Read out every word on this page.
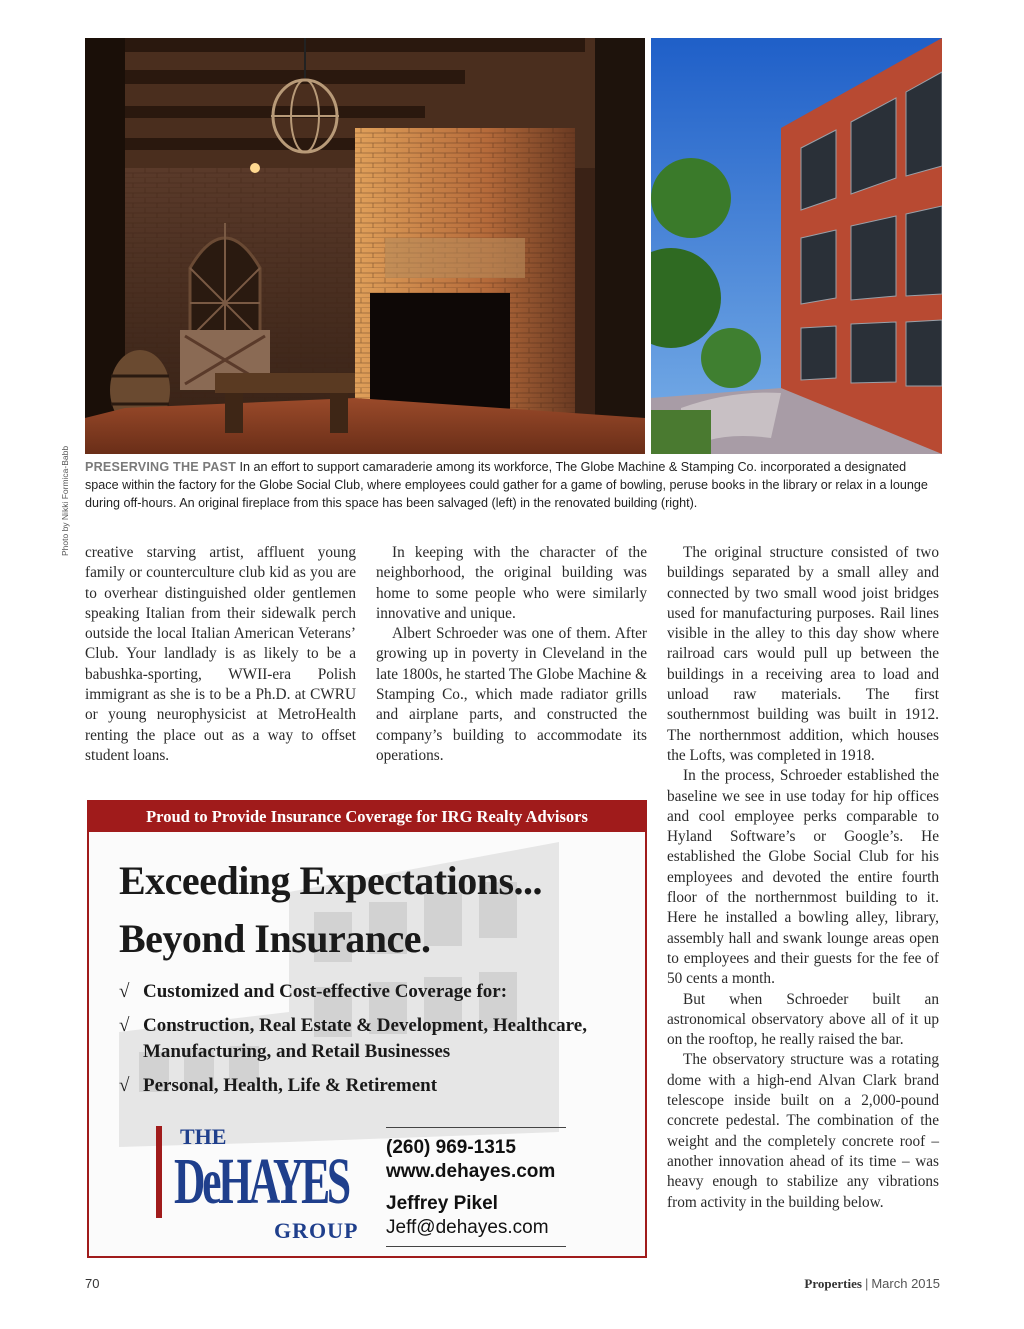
Photo by Nikki Formica-Babb	PRESERVING THE PAST In an effort to support camaraderie among its workforce, The Globe Machine & Stamping Co. incorporated a designated space within the factory for the Globe Social Club, where employees could gather for a game of bowling, peruse books in the library or relax in a lounge during off-hours. An original fireplace from this space has been salvaged (left) in the renovated building (right).

creative starving artist, affluent young family or counterculture club kid as you are to overhear distinguished older gentlemen speaking Italian from their sidewalk perch outside the local Italian American Veterans’ Club. Your landlady is as likely to be a babushka-sporting, WWII-era Polish immigrant as she is to be a Ph.D. at CWRU or young neurophysicist at MetroHealth renting the place out as a way to offset student loans.

In keeping with the character of the neighborhood, the original building was home to some people who were similarly innovative and unique.

Albert Schroeder was one of them. After growing up in poverty in Cleveland in the late 1800s, he started The Globe Machine & Stamping Co., which made radiator grills and airplane parts, and constructed the company’s building to accommodate its operations.

The original structure consisted of two buildings separated by a small alley and connected by two small wood joist bridges used for manufacturing purposes. Rail lines visible in the alley to this day show where railroad cars would pull up between the buildings in a receiving area to load and unload raw materials. The first southernmost building was built in 1912. The northernmost addition, which houses the Lofts, was completed in 1918.

In the process, Schroeder established the baseline we see in use today for hip offices and cool employee perks comparable to Hyland Software’s or Google’s. He established the Globe Social Club for his employees and devoted the entire fourth floor of the northernmost building to it. Here he installed a bowling alley, library, assembly hall and swank lounge areas open to employees and their guests for the fee of 50 cents a month.

But when Schroeder built an astronomical observatory above all of it up on the rooftop, he really raised the bar.

The observatory structure was a rotating dome with a high-end Alvan Clark brand telescope inside built on a 2,000-pound concrete pedestal. The combination of the weight and the completely concrete roof – another innovation ahead of its time – was heavy enough to stabilize any vibrations from activity in the building below.

Proud to Provide Insurance Coverage for IRG Realty Advisors
Exceeding Expectations...
Beyond Insurance.
√ Customized and Cost-effective Coverage for:
√ Construction, Real Estate & Development, Healthcare, Manufacturing, and Retail Businesses
√ Personal, Health, Life & Retirement
THE
DeHAYES
GROUP
(260) 969-1315
www.dehayes.com
Jeffrey Pikel
Jeff@dehayes.com
70	Properties | March 2015
